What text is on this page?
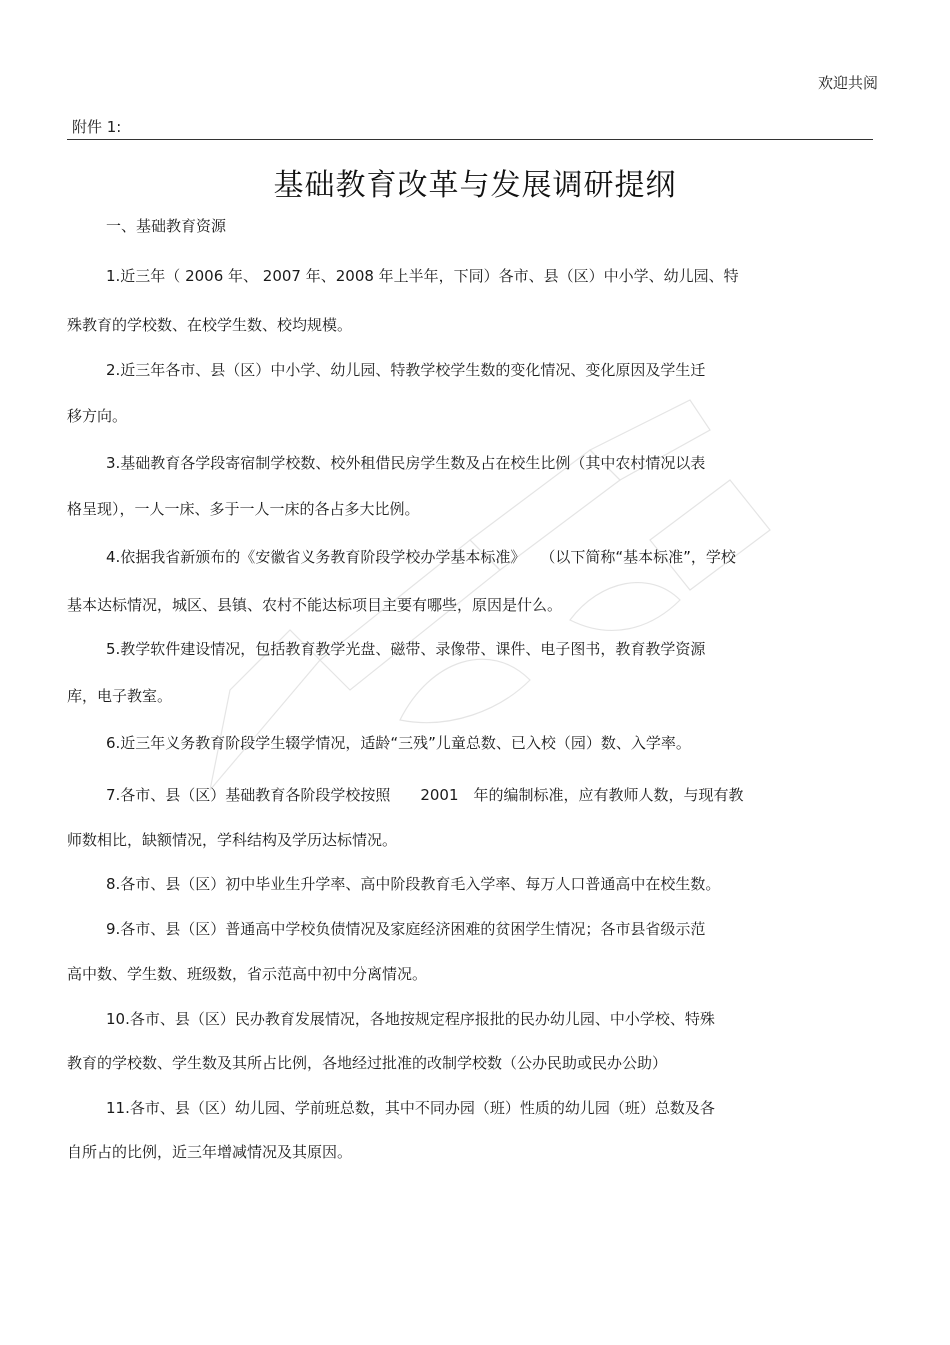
欢迎共阅
附件 1:
基础教育改革与发展调研提纲
一、基础教育资源
1.近三年（ 2006 年、 2007 年、2008 年上半年，下同）各市、县（区）中小学、幼儿园、特
殊教育的学校数、在校学生数、校均规模。
2.近三年各市、县（区）中小学、幼儿园、特教学校学生数的变化情况、变化原因及学生迁
移方向。
3.基础教育各学段寄宿制学校数、校外租借民房学生数及占在校生比例（其中农村情况以表
格呈现），一人一床、多于一人一床的各占多大比例。
4.依据我省新颁布的《安徽省义务教育阶段学校办学基本标准》　　（以下简称“基本标准”，学校
基本达标情况，城区、县镇、农村不能达标项目主要有哪些，原因是什么。
5.教学软件建设情况，包括教育教学光盘、磁带、录像带、课件、电子图书，教育教学资源
库，电子教室。
6.近三年义务教育阶段学生辍学情况，适龄“三残”儿童总数、已入校（园）数、入学率。
7.各市、县（区）基础教育各阶段学校按照　　2001　年的编制标准，应有教师人数，与现有教
师数相比，缺额情况，学科结构及学历达标情况。
8.各市、县（区）初中毕业生升学率、高中阶段教育毛入学率、每万人口普通高中在校生数。
9.各市、县（区）普通高中学校负债情况及家庭经济困难的贫困学生情况；各市县省级示范
高中数、学生数、班级数，省示范高中初中分离情况。
10.各市、县（区）民办教育发展情况，各地按规定程序报批的民办幼儿园、中小学校、特殊
教育的学校数、学生数及其所占比例，各地经过批准的改制学校数（公办民助或民办公助）
11.各市、县（区）幼儿园、学前班总数，其中不同办园（班）性质的幼儿园（班）总数及各
自所占的比例，近三年增减情况及其原因。
